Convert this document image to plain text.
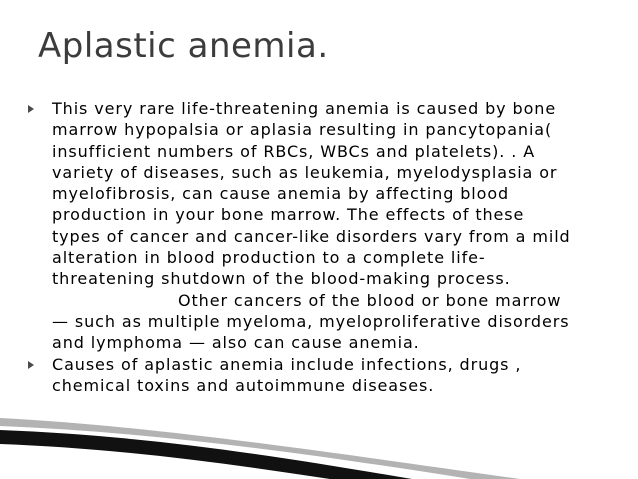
Aplastic anemia.
This very rare life-threatening anemia is caused by bone
marrow hypopalsia or aplasia resulting in pancytopania(
insufficient numbers of RBCs, WBCs and platelets). . A
variety of diseases, such as leukemia, myelodysplasia or
myelofibrosis, can cause anemia by affecting blood
production in your bone marrow. The effects of these
types of cancer and cancer-like disorders vary from a mild
alteration in blood production to a complete life-
threatening shutdown of the blood-making process.
Other cancers of the blood or bone marrow
— such as multiple myeloma, myeloproliferative disorders
and lymphoma — also can cause anemia.
Causes of aplastic anemia include infections, drugs ,
chemical toxins and autoimmune diseases.
